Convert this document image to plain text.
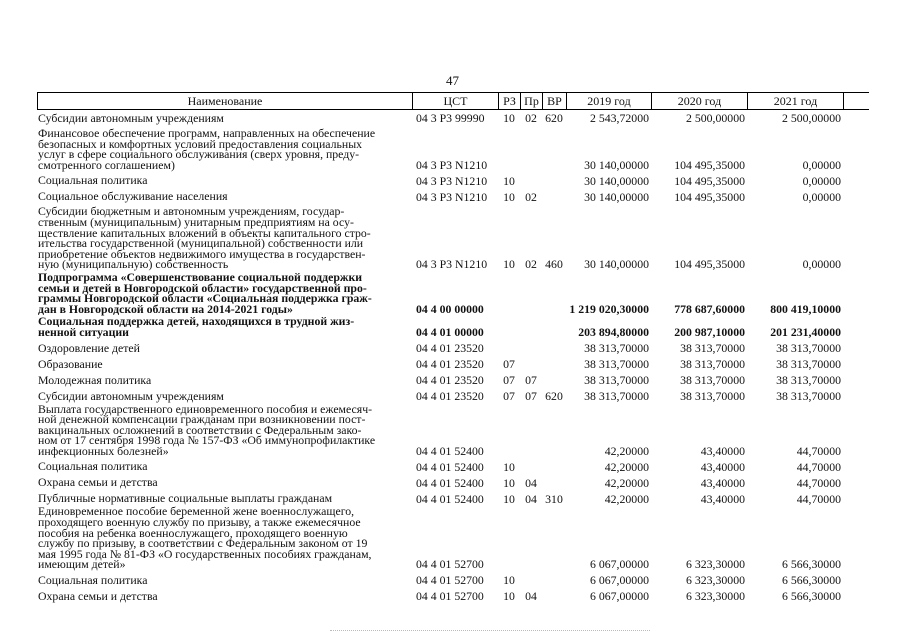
47
Наименование	ЦСТ	РЗ Пр ВР	2019 год	2020 год	2021 год
Субсидии автономным учреждениям	04 3 P3 99990	10 02 620	2 543,72000	2 500,00000	2 500,00000
Финансовое обеспечение программ, направленных на обеспечение
безопасных и комфортных условий предоставления социальных
услуг в сфере социального обслуживания (сверх уровня, преду-
смотренного соглашением)	04 3 P3 N1210	30 140,00000	104 495,35000	0,00000
Социальная политика	04 3 P3 N1210	10	30 140,00000	104 495,35000	0,00000
Социальное обслуживание населения	04 3 P3 N1210	10 02	30 140,00000	104 495,35000	0,00000
Субсидии бюджетным и автономным учреждениям, государ-
ственным (муниципальным) унитарным предприятиям на осу-
ществление капитальных вложений в объекты капитального стро-
ительства государственной (муниципальной) собственности или
приобретение объектов недвижимого имущества в государствен-
ную (муниципальную) собственность	04 3 P3 N1210	10 02 460	30 140,00000	104 495,35000	0,00000
Подпрограмма «Совершенствование социальной поддержки
семьи и детей в Новгородской области» государственной про-
граммы Новгородской области «Социальная поддержка граж-
дан в Новгородской области на 2014-2021 годы»	04 4 00 00000	1 219 020,30000	778 687,60000	800 419,10000
Социальная поддержка детей, находящихся в трудной жиз-
ненной ситуации	04 4 01 00000	203 894,80000	200 987,10000	201 231,40000
Оздоровление детей	04 4 01 23520	38 313,70000	38 313,70000	38 313,70000
Образование	04 4 01 23520	07	38 313,70000	38 313,70000	38 313,70000
Молодежная политика	04 4 01 23520	07 07	38 313,70000	38 313,70000	38 313,70000
Субсидии автономным учреждениям	04 4 01 23520	07 07 620	38 313,70000	38 313,70000	38 313,70000
Выплата государственного единовременного пособия и ежемесяч-
ной денежной компенсации гражданам при возникновении пост-
вакцинальных осложнений в соответствии с Федеральным зако-
ном от 17 сентября 1998 года № 157-ФЗ «Об иммунопрофилактике
инфекционных болезней»	04 4 01 52400	42,20000	43,40000	44,70000
Социальная политика	04 4 01 52400	10	42,20000	43,40000	44,70000
Охрана семьи и детства	04 4 01 52400	10 04	42,20000	43,40000	44,70000
Публичные нормативные социальные выплаты гражданам	04 4 01 52400	10 04 310	42,20000	43,40000	44,70000
Единовременное пособие беременной жене военнослужащего,
проходящего военную службу по призыву, а также ежемесячное
пособия на ребенка военнослужащего, проходящего военную
службу по призыву, в соответствии с Федеральным законом от 19
мая 1995 года № 81-ФЗ «О государственных пособиях гражданам,
имеющим детей»	04 4 01 52700	6 067,00000	6 323,30000	6 566,30000
Социальная политика	04 4 01 52700	10	6 067,00000	6 323,30000	6 566,30000
Охрана семьи и детства	04 4 01 52700	10 04	6 067,00000	6 323,30000	6 566,30000
